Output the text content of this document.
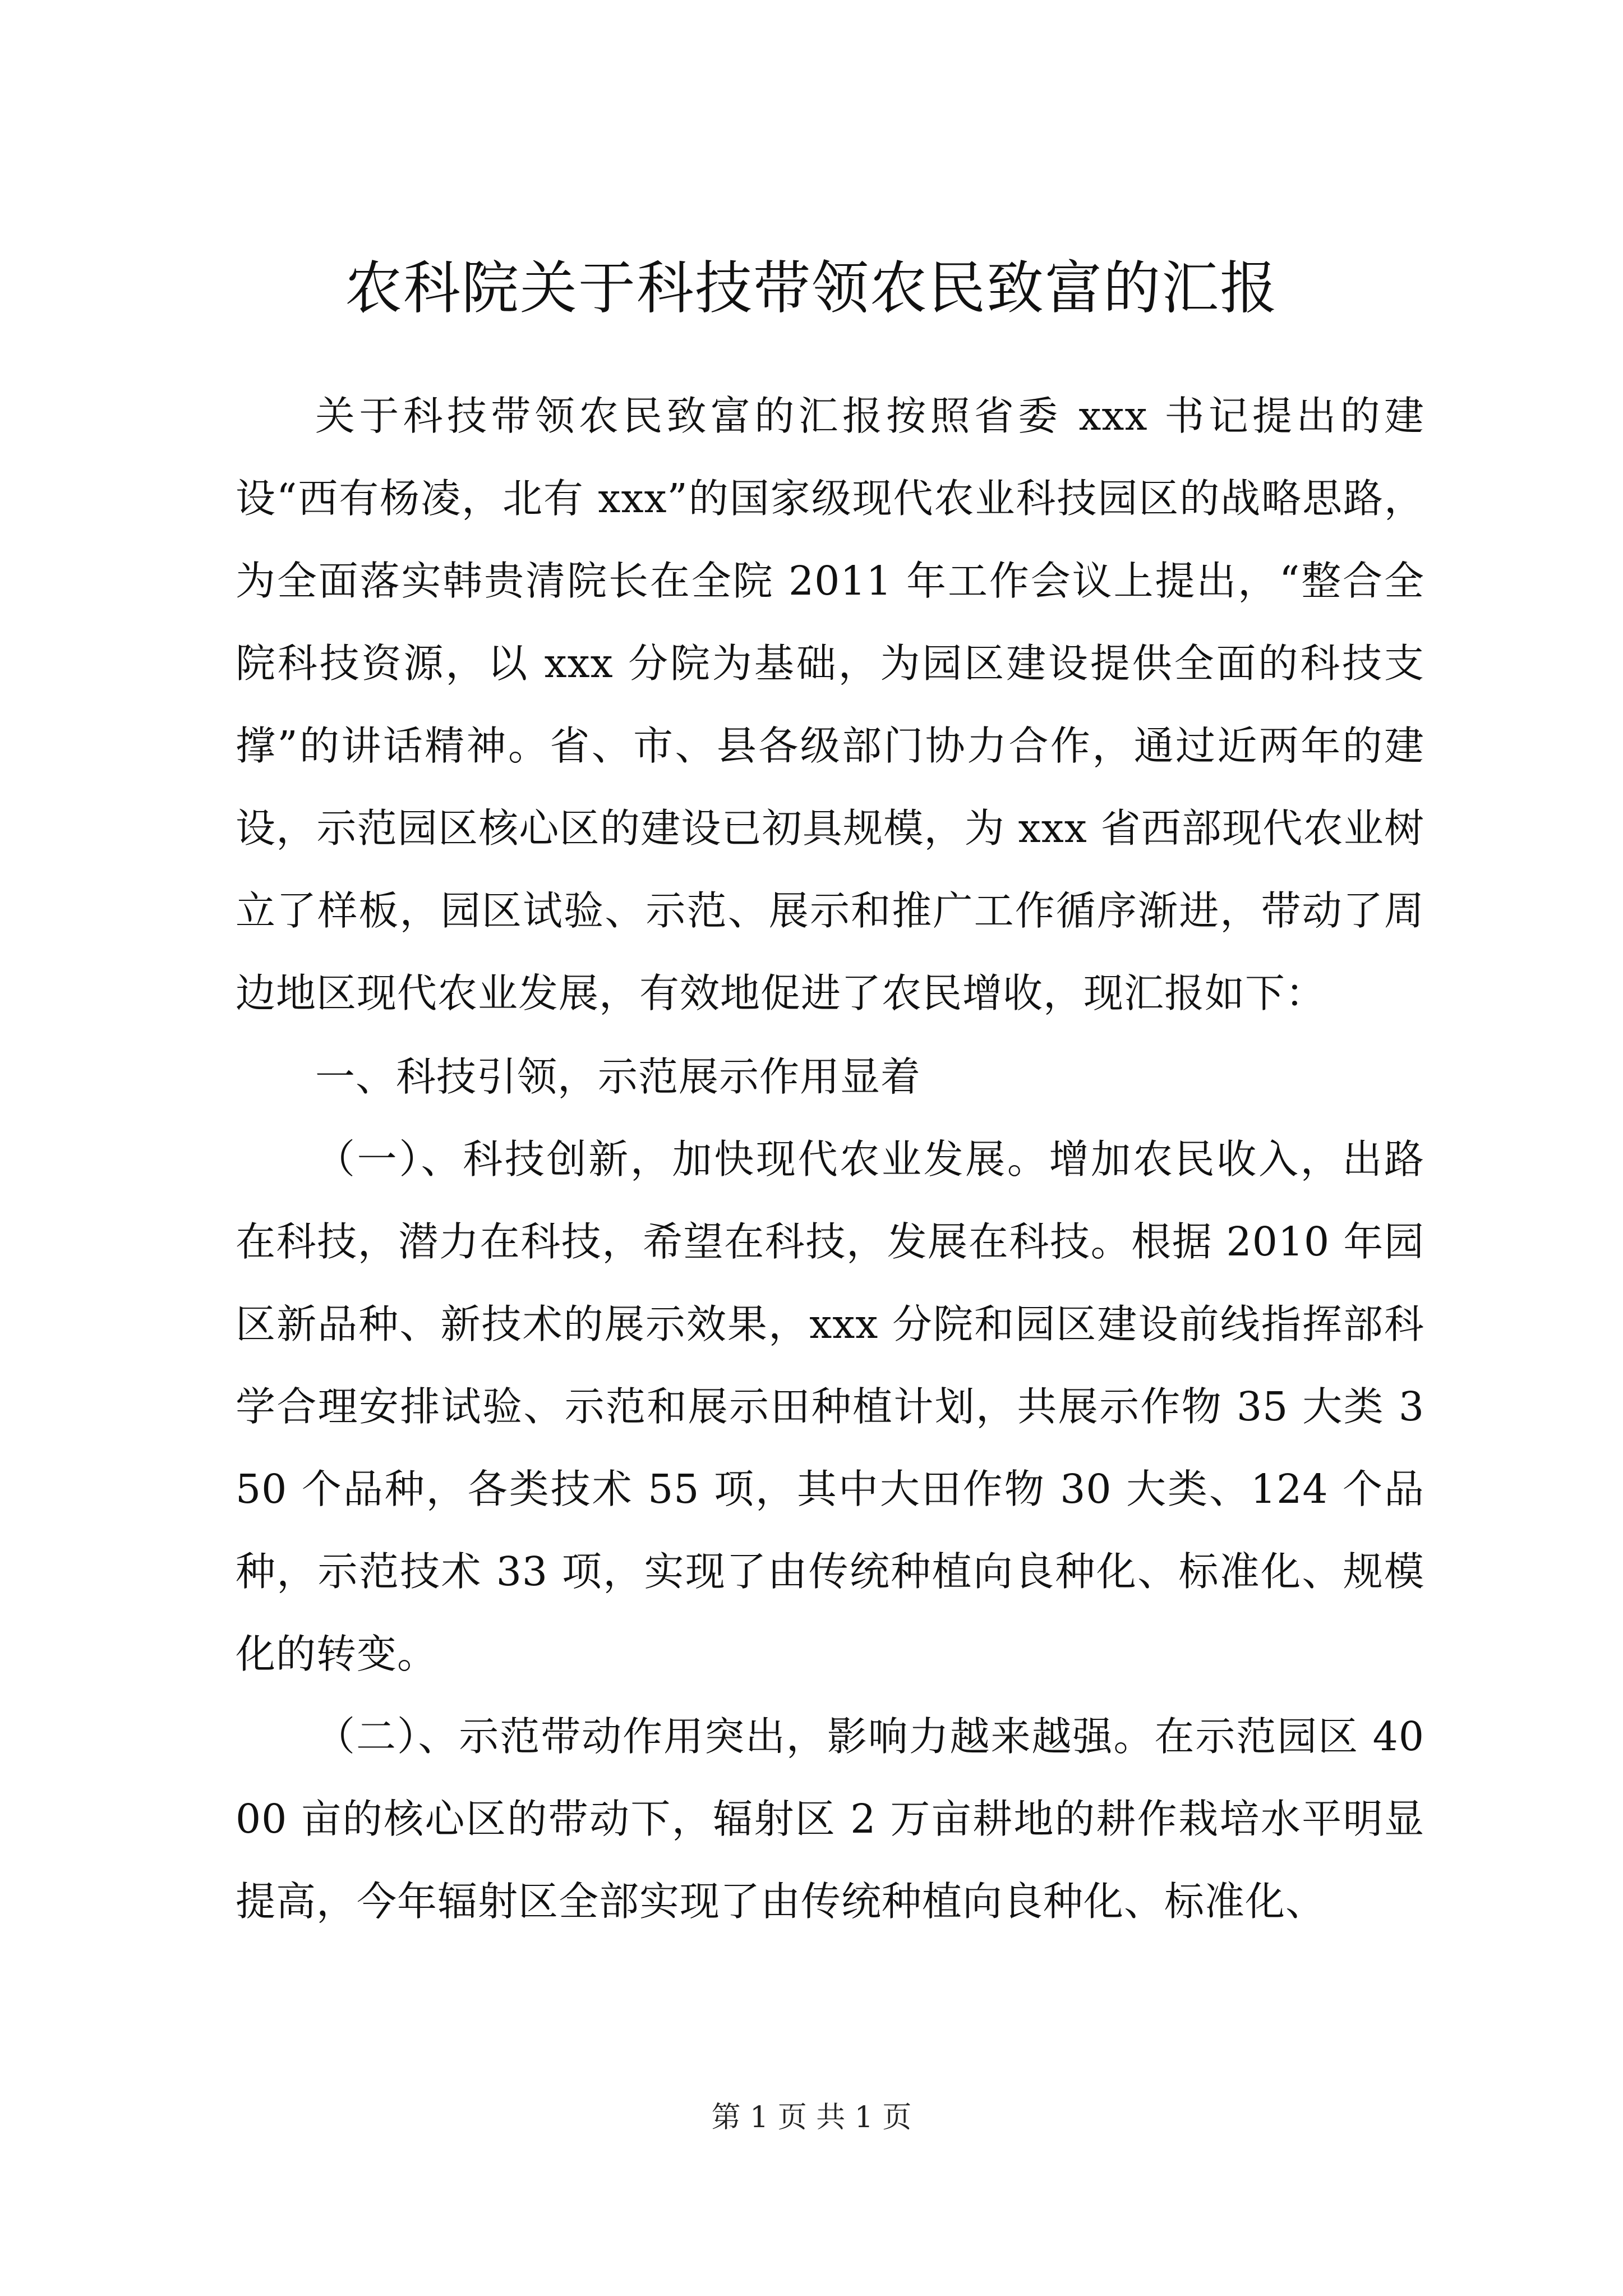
农科院关于科技带领农民致富的汇报

关于科技带领农民致富的汇报按照省委 xxx 书记提出的建设“西有杨凌，北有 xxx”的国家级现代农业科技园区的战略思路，为全面落实韩贵清院长在全院 2011 年工作会议上提出，“整合全院科技资源，以 xxx 分院为基础，为园区建设提供全面的科技支撑”的讲话精神。省、市、县各级部门协力合作，通过近两年的建设，示范园区核心区的建设已初具规模，为 xxx 省西部现代农业树立了样板，园区试验、示范、展示和推广工作循序渐进，带动了周边地区现代农业发展，有效地促进了农民增收，现汇报如下：

一、科技引领，示范展示作用显着

（一）、科技创新，加快现代农业发展。增加农民收入，出路在科技，潜力在科技，希望在科技，发展在科技。根据 2010 年园区新品种、新技术的展示效果，xxx 分院和园区建设前线指挥部科学合理安排试验、示范和展示田种植计划，共展示作物 35 大类 350 个品种，各类技术 55 项，其中大田作物 30 大类、124 个品种，示范技术 33 项，实现了由传统种植向良种化、标准化、规模化的转变。

（二）、示范带动作用突出，影响力越来越强。在示范园区 4000 亩的核心区的带动下，辐射区 2 万亩耕地的耕作栽培水平明显提高，今年辐射区全部实现了由传统种植向良种化、标准化、

第 1 页 共 1 页
